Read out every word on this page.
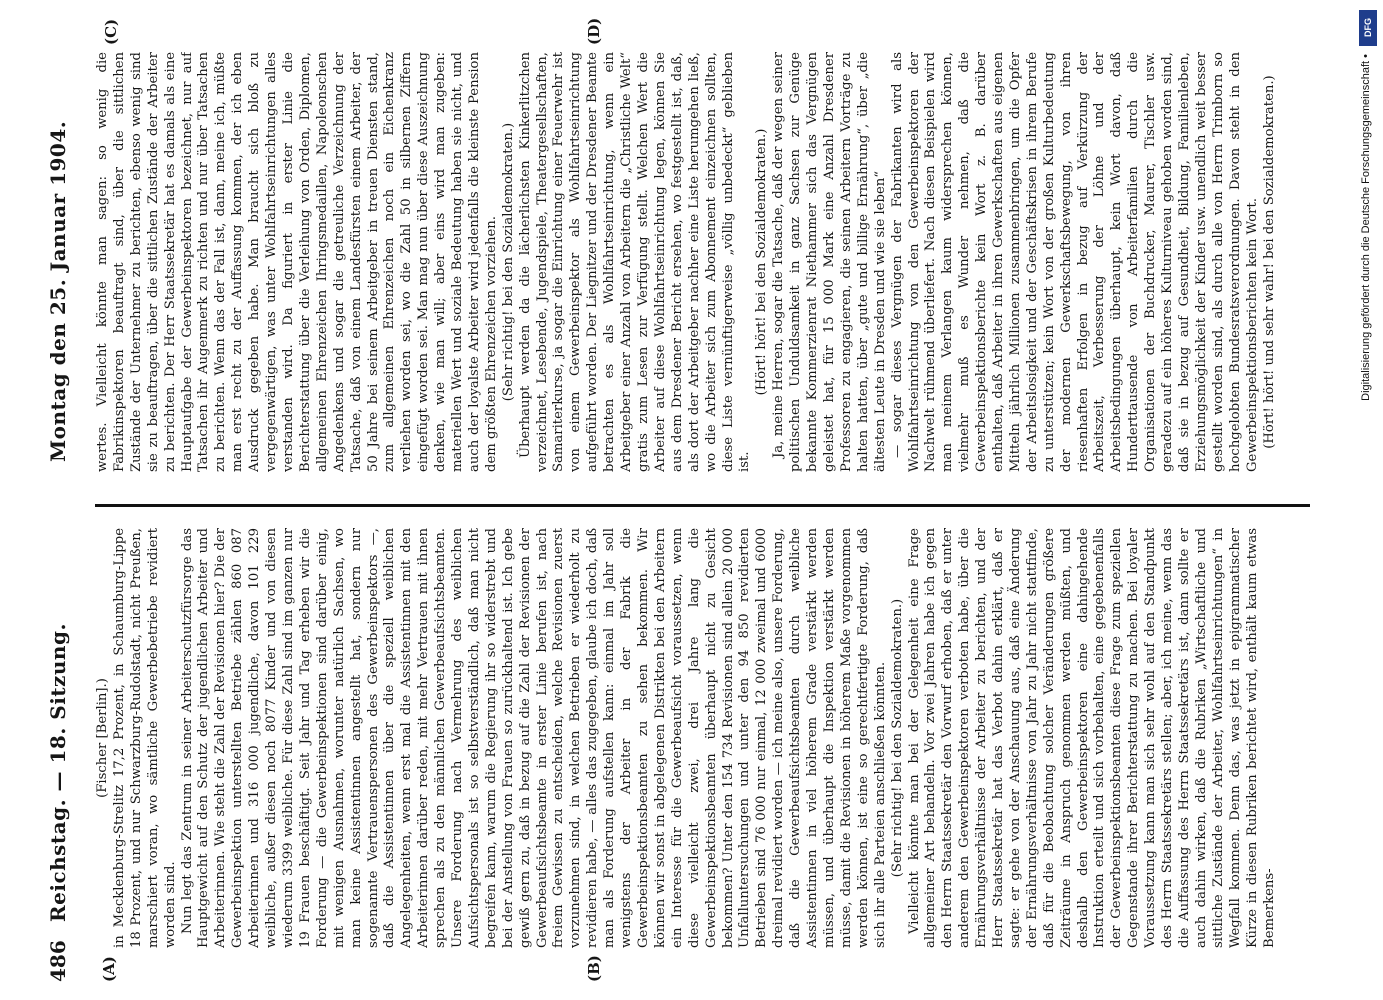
486
Reichstag. — 18. Sitzung.
Montag den 25. Januar 1904.
(A)	(B)
(C)	(D)

(Fischer [Berlin].) in Mecklenburg-Strelitz 17,2 Prozent, in Schaumburg-Lippe 18 Prozent, und nur Schwarzburg-Rudolstadt, nicht Preußen, marschiert voran, wo sämtliche Gewerbebetriebe revidiert worden sind. Nun legt das Zentrum in seiner Arbeiterschutzfürsorge das Hauptgewicht auf den Schutz der jugendlichen Arbeiter und Arbeiterinnen. Wie steht die Zahl der Revisionen hier? Die der Gewerbeinspektion unterstellten Betriebe zählen 860 087 Arbeiterinnen und 316 000 jugendliche, davon 101 229 weibliche, außer diesen noch 8077 Kinder und von diesen wiederum 3399 weibliche. Für diese Zahl sind im ganzen nur 19 Frauen beschäftigt. Seit Jahr und Tag erheben wir die Forderung — die Gewerbeinspektionen sind darüber einig, mit wenigen Ausnahmen, worunter natürlich Sachsen, wo man keine Assistentinnen angestellt hat, sondern nur sogenannte Vertrauenspersonen des Gewerbeinspektors —, daß die Assistentinnen über die speziell weiblichen Angelegenheiten, wenn erst mal die Assistentinnen mit den Arbeiterinnen darüber reden, mit mehr Vertrauen mit ihnen sprechen als zu den männlichen Gewerbeaufsichtsbeamten. Unsere Forderung nach Vermehrung des weiblichen Aufsichtspersonals ist so selbstverständlich, daß man nicht begreifen kann, warum die Regierung ihr so widerstrebt und bei der Anstellung von Frauen so zurückhaltend ist. Ich gebe gewiß gern zu, daß in bezug auf die Zahl der Revisionen der Gewerbeaufsichtsbeamte in erster Linie berufen ist, nach freiem Gewissen zu entscheiden, welche Revisionen zuerst vorzunehmen sind, in welchen Betrieben er wiederholt zu revidieren habe, — alles das zugegeben, glaube ich doch, daß man als Forderung aufstellen kann: einmal im Jahr soll wenigstens der Arbeiter in der Fabrik die Gewerbeinspektionsbeamten zu sehen bekommen. Wir können wir sonst in abgelegenen Distrikten bei den Arbeitern ein Interesse für die Gewerbeaufsicht voraussetzen, wenn diese vielleicht zwei, drei Jahre lang die Gewerbeinspektionsbeamten überhaupt nicht zu Gesicht bekommen? Unter den 154 734 Revisionen sind allein 20 000 Unfalluntersuchungen und unter den 94 850 revidierten Betrieben sind 76 000 nur einmal, 12 000 zweimal und 6000 dreimal revidiert worden — ich meine also, unsere Forderung, daß die Gewerbeaufsichtsbeamten durch weibliche Assistentinnen in viel höherem Grade verstärkt werden müssen, und überhaupt die Inspektion verstärkt werden müsse, damit die Revisionen in höherem Maße vorgenommen werden können, ist eine so gerechtfertigte Forderung, daß sich ihr alle Parteien anschließen könnten. (Sehr richtig! bei den Sozialdemokraten.) Vielleicht könnte man bei der Gelegenheit eine Frage allgemeiner Art behandeln. Vor zwei Jahren habe ich gegen den Herrn Staatssekretär den Vorwurf erhoben, daß er unter anderem den Gewerbeinspektoren verboten habe, über die Ernährungsverhältnisse der Arbeiter zu berichten, und der Herr Staatssekretär hat das Verbot dahin erklärt, daß er sagte: er gehe von der Anschauung aus, daß eine Änderung der Ernährungsverhältnisse von Jahr zu Jahr nicht stattfinde, daß für die Beobachtung solcher Veränderungen größere Zeiträume in Anspruch genommen werden müßten, und deshalb den Gewerbeinspektoren eine dahingehende Instruktion erteilt und sich vorbehalten, eine gegebenenfalls der Gewerbeinspektionsbeamten diese Frage zum speziellen Gegenstande ihrer Berichterstattung zu machen. Bei loyaler Voraussetzung kann man sich sehr wohl auf den Standpunkt des Herrn Staatssekretärs stellen; aber, ich meine, wenn das die Auffassung des Herrn Staatssekretärs ist, dann sollte er auch dahin wirken, daß die Rubriken „Wirtschaftliche und sittliche Zustände der Arbeiter, Wohlfahrtseinrichtungen“ in Wegfall kommen. Denn das, was jetzt in epigrammatischer Kürze in diesen Rubriken berichtet wird, enthält kaum etwas Bemerkens-

wertes. Vielleicht könnte man sagen: so wenig die Fabrikinspektoren beauftragt sind, über die sittlichen Zustände der Unternehmer zu berichten, ebenso wenig sind sie zu beauftragen, über die sittlichen Zustände der Arbeiter zu berichten. Der Herr Staatssekretär hat es damals als eine Hauptaufgabe der Gewerbeinspektoren bezeichnet, nur auf Tatsachen ihr Augenmerk zu richten und nur über Tatsachen zu berichten. Wenn das der Fall ist, dann, meine ich, müßte man erst recht zu der Auffassung kommen, der ich eben Ausdruck gegeben habe. Man braucht sich bloß zu vergegenwärtigen, was unter Wohlfahrtseinrichtungen alles verstanden wird. Da figuriert in erster Linie die Berichterstattung über die Verleihung von Orden, Diplomen, allgemeinen Ehrenzeichen Ihringsmedaillen, Napoleonschen Angedenkens und sogar die getreuliche Verzeichnung der Tatsache, daß von einem Landesfürsten einem Arbeiter, der 50 Jahre bei seinem Arbeitgeber in treuen Diensten stand, zum allgemeinen Ehrenzeichen noch ein Eichenkranz verliehen worden sei, wo die Zahl 50 in silbernen Ziffern eingefügt worden sei. Man mag nun über diese Auszeichnung denken, wie man will; aber eins wird man zugeben: materiellen Wert und soziale Bedeutung haben sie nicht, und auch der loyalste Arbeiter wird jedenfalls die kleinste Pension dem größten Ehrenzeichen vorziehen. (Sehr richtig! bei den Sozialdemokraten.) Überhaupt werden da die lächerlichsten Kinkerlitzchen verzeichnet, Lesebende, Jugendspiele, Theatergesellschaften, Samariterkurse, ja sogar die Einrichtung einer Feuerwehr ist von einem Gewerbeinspektor als Wohlfahrtseinrichtung aufgeführt worden. Der Liegnitzer und der Dresdener Beamte betrachten es als Wohlfahrtseinrichtung, wenn ein Arbeitgeber einer Anzahl von Arbeitern die „Christliche Welt“ gratis zum Lesen zur Verfügung stellt. Welchen Wert die Arbeiter auf diese Wohlfahrtseinrichtung legen, können Sie aus dem Dresdener Bericht ersehen, wo festgestellt ist, daß, als dort der Arbeitgeber nachher eine Liste herumgehen ließ, wo die Arbeiter sich zum Abonnement einzeichnen sollten, diese Liste vernünftigerweise „völlig unbedeckt“ geblieben ist.

(Hört! hört! bei den Sozialdemokraten.) Ja, meine Herren, sogar die Tatsache, daß der wegen seiner politischen Unduldsamkeit in ganz Sachsen zur Genüge bekannte Kommerzienrat Niethammer sich das Vergnügen geleistet hat, für 15 000 Mark eine Anzahl Dresdener Professoren zu engagieren, die seinen Arbeitern Vorträge zu halten hatten, über „gute und billige Ernährung“, über „die ältesten Leute in Dresden und wie sie leben“ — sogar dieses Vergnügen der Fabrikanten wird als Wohlfahrtseinrichtung von den Gewerbeinspektoren der Nachwelt rühmend überliefert. Nach diesen Beispielen wird man meinem Verlangen kaum widersprechen können, vielmehr muß es Wunder nehmen, daß die Gewerbeinspektionsberichte kein Wort z. B. darüber enthalten, daß Arbeiter in ihren Gewerkschaften aus eigenen Mitteln jährlich Millionen zusammenbringen, um die Opfer der Arbeitslosigkeit und der Geschäftskrisen in ihrem Berufe zu unterstützen; kein Wort von der großen Kulturbedeutung der modernen Gewerkschaftsbewegung, von ihren riesenhaften Erfolgen in bezug auf Verkürzung der Arbeitszeit, Verbesserung der Löhne und der Arbeitsbedingungen überhaupt, kein Wort davon, daß Hunderttausende von Arbeiterfamilien durch die Organisationen der Buchdrucker, Maurer, Tischler usw. geradezu auf ein höheres Kulturniveau gehoben worden sind, daß sie in bezug auf Gesundheit, Bildung, Familienleben, Erziehungsmöglichkeit der Kinder usw. unendlich weit besser gestellt worden sind, als durch alle von Herrn Trimborn so hochgelobten Bundesratsverordnungen. Davon steht in den Gewerbeinspektionsberichten kein Wort. (Hört! hört! und sehr wahr! bei den Sozialdemokraten.)

DFG
Digitalisierung gefördert durch die Deutsche Forschungsgemeinschaft •
